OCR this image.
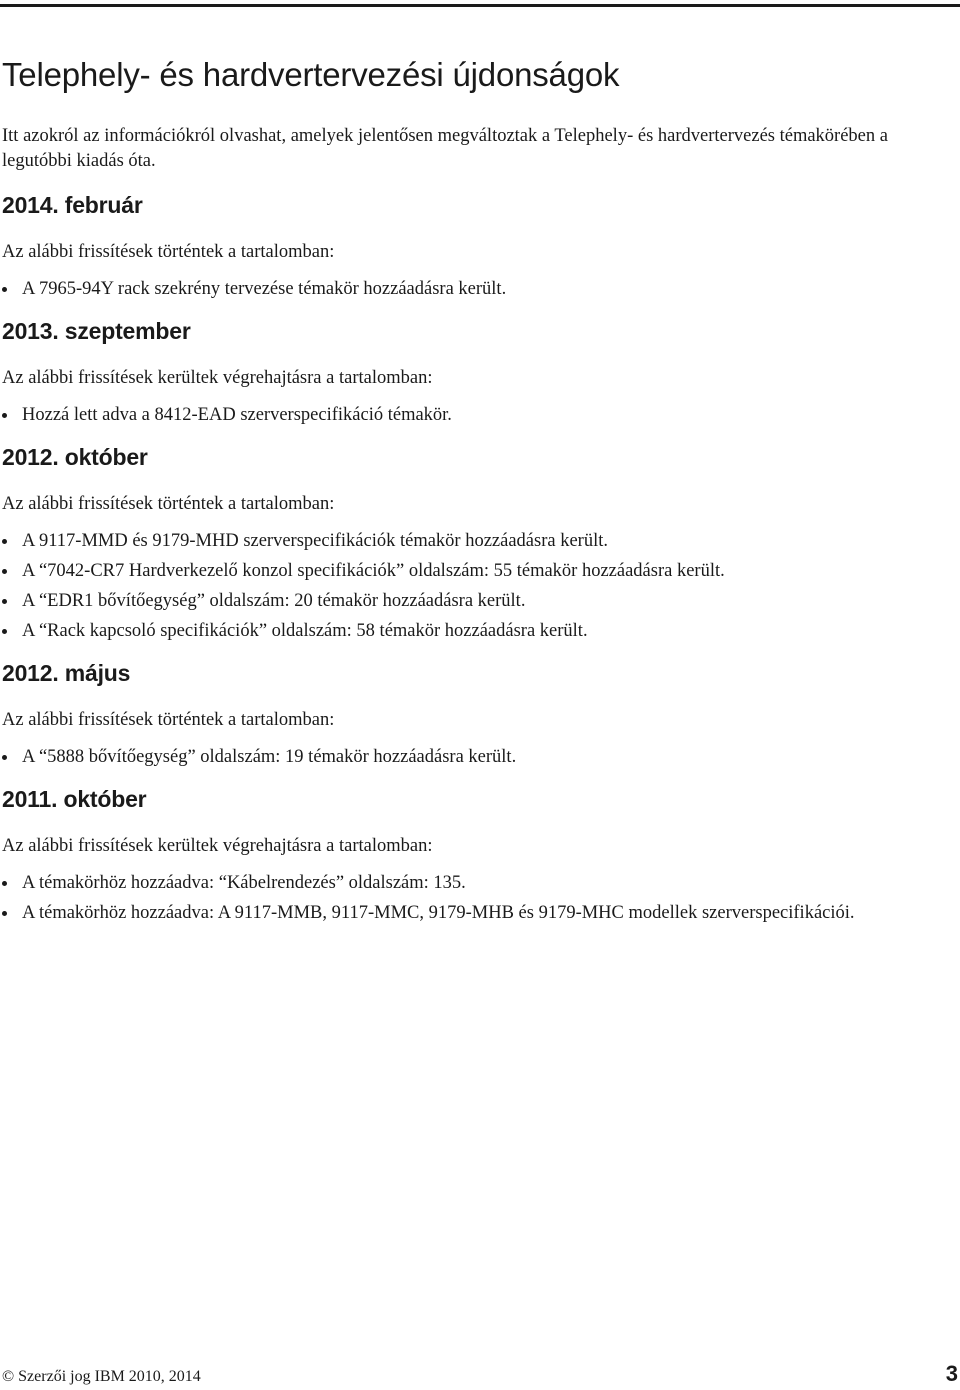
Telephely- és hardvertervezési újdonságok

Itt azokról az információkról olvashat, amelyek jelentősen megváltoztak a Telephely- és hardvertervezés témakörében a legutóbbi kiadás óta.

2014. február

Az alábbi frissítések történtek a tartalomban:

A 7965-94Y rack szekrény tervezése témakör hozzáadásra került.
2013. szeptember

Az alábbi frissítések kerültek végrehajtásra a tartalomban:

Hozzá lett adva a 8412-EAD szerverspecifikáció témakör.
2012. október

Az alábbi frissítések történtek a tartalomban:

A 9117-MMD és 9179-MHD szerverspecifikációk témakör hozzáadásra került.
A “7042-CR7 Hardverkezelő konzol specifikációk” oldalszám: 55 témakör hozzáadásra került.
A “EDR1 bővítőegység” oldalszám: 20 témakör hozzáadásra került.
A “Rack kapcsoló specifikációk” oldalszám: 58 témakör hozzáadásra került.
2012. május

Az alábbi frissítések történtek a tartalomban:

A “5888 bővítőegység” oldalszám: 19 témakör hozzáadásra került.
2011. október

Az alábbi frissítések kerültek végrehajtásra a tartalomban:

A témakörhöz hozzáadva: “Kábelrendezés” oldalszám: 135.
A témakörhöz hozzáadva: A 9117-MMB, 9117-MMC, 9179-MHB és 9179-MHC modellek szerverspecifikációi.
© Szerzői jog IBM 2010, 2014	3
